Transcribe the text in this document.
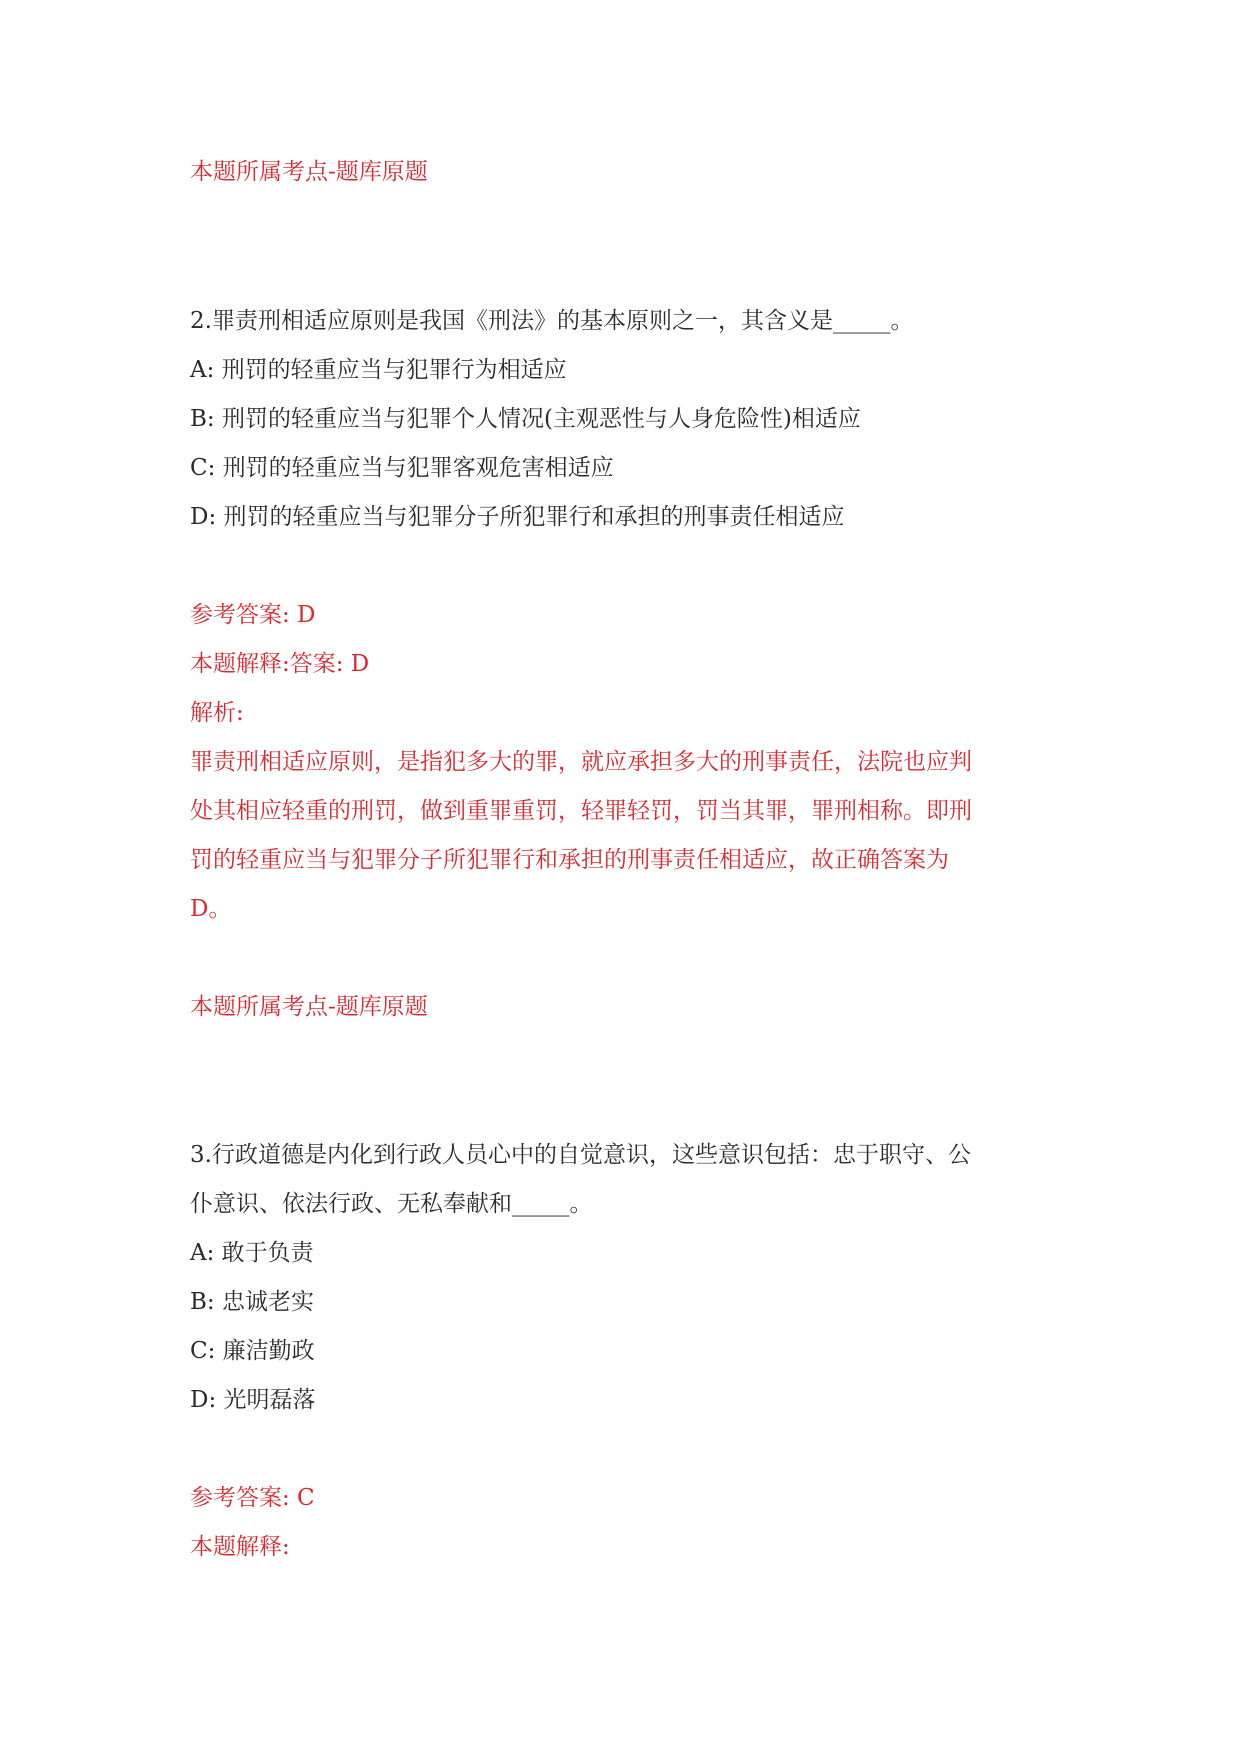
本题所属考点-题库原题
2.罪责刑相适应原则是我国《刑法》的基本原则之一，其含义是_____。
A: 刑罚的轻重应当与犯罪行为相适应
B: 刑罚的轻重应当与犯罪个人情况(主观恶性与人身危险性)相适应
C: 刑罚的轻重应当与犯罪客观危害相适应
D: 刑罚的轻重应当与犯罪分子所犯罪行和承担的刑事责任相适应
参考答案: D
本题解释:答案: D
解析:
罪责刑相适应原则，是指犯多大的罪，就应承担多大的刑事责任，法院也应判
处其相应轻重的刑罚，做到重罪重罚，轻罪轻罚，罚当其罪，罪刑相称。即刑
罚的轻重应当与犯罪分子所犯罪行和承担的刑事责任相适应，故正确答案为
D。
本题所属考点-题库原题
3.行政道德是内化到行政人员心中的自觉意识，这些意识包括：忠于职守、公
仆意识、依法行政、无私奉献和_____。
A: 敢于负责
B: 忠诚老实
C: 廉洁勤政
D: 光明磊落
参考答案: C
本题解释:
